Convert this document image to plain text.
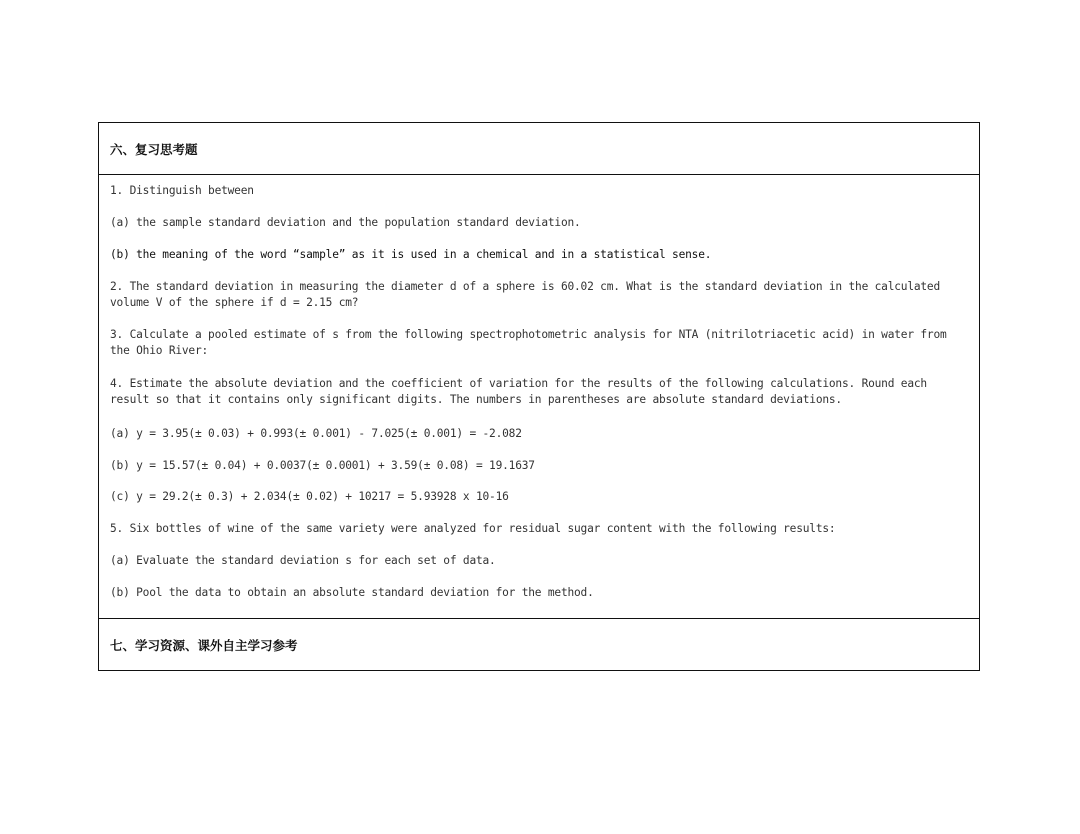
六、复习思考题
1. Distinguish between
(a) the sample standard deviation and the population standard deviation.
(b) the meaning of the word “sample” as it is used in a chemical and in a statistical sense.
2. The standard deviation in measuring the diameter d of a sphere is 60.02 cm. What is the standard deviation in the calculated volume V of the sphere if d = 2.15 cm?
3. Calculate a pooled estimate of s from the following spectrophotometric analysis for NTA (nitrilotriacetic acid) in water from the Ohio River:
4. Estimate the absolute deviation and the coefficient of variation for the results of the following calculations. Round each result so that it contains only significant digits. The numbers in parentheses are absolute standard deviations.
(a) y = 3.95(± 0.03) + 0.993(± 0.001) - 7.025(± 0.001) = -2.082
(b) y = 15.57(± 0.04) + 0.0037(± 0.0001) + 3.59(± 0.08) = 19.1637
(c) y = 29.2(± 0.3) + 2.034(± 0.02) + 10217 = 5.93928 x 10-16
5. Six bottles of wine of the same variety were analyzed for residual sugar content with the following results:
(a) Evaluate the standard deviation s for each set of data.
(b) Pool the data to obtain an absolute standard deviation for the method.
七、学习资源、课外自主学习参考
